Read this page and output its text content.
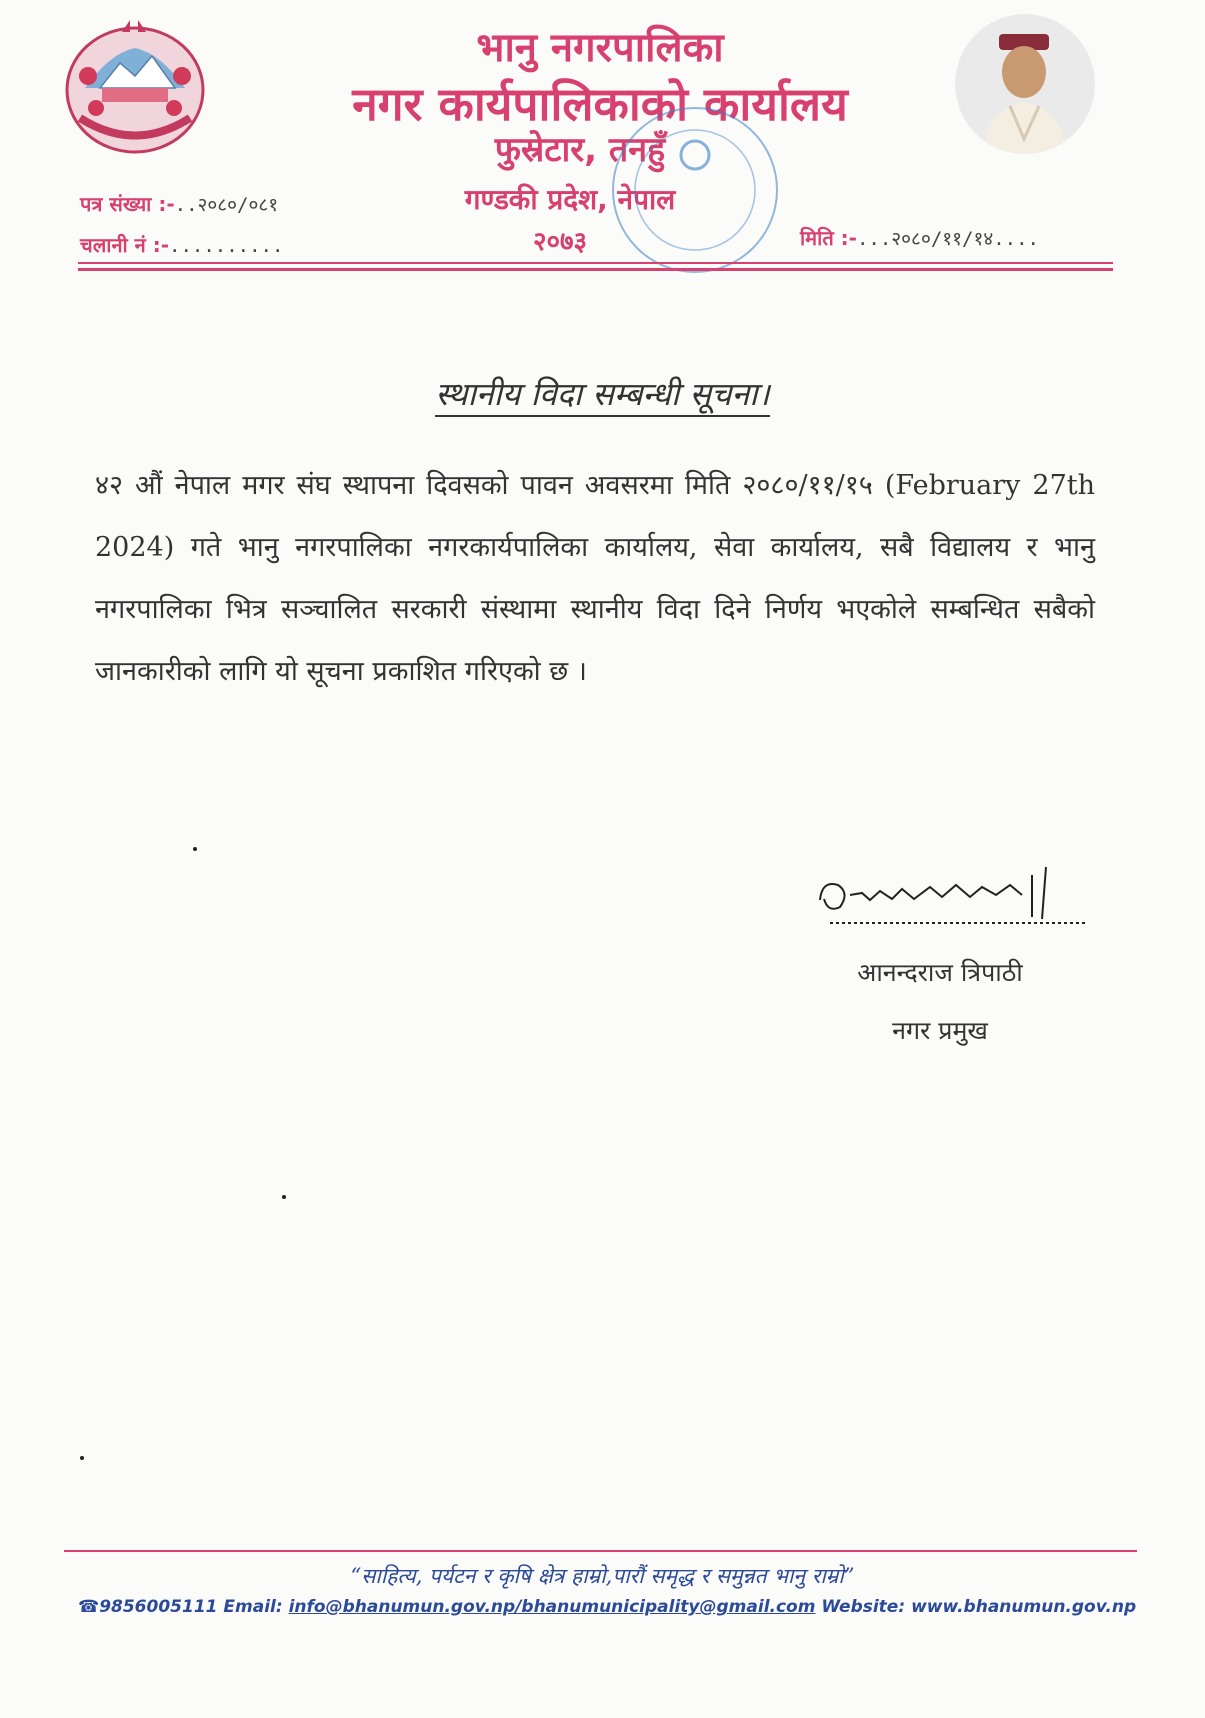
भानु नगरपालिका
नगर कार्यपालिकाको कार्यालय
फुस्रेटार, तनहुँ
गण्डकी प्रदेश, नेपाल
२०७३
पत्र संख्या :-..२०८०/०८१
चलानी नं :-..........	मिति :-...२०८०/११/१४....
स्थानीय विदा सम्बन्धी सूचना।
४२ औं नेपाल मगर संघ स्थापना दिवसको पावन अवसरमा मिति २०८०/११/१५ (February 27th 2024) गते भानु नगरपालिका नगरकार्यपालिका कार्यालय, सेवा कार्यालय, सबै विद्यालय र भानु नगरपालिका भित्र सञ्चालित सरकारी संस्थामा स्थानीय विदा दिने निर्णय भएकोले सम्बन्धित सबैको जानकारीको लागि यो सूचना प्रकाशित गरिएको छ ।
आनन्दराज त्रिपाठी
नगर प्रमुख
“साहित्य, पर्यटन र कृषि क्षेत्र हाम्रो,पारौं समृद्ध र समुन्नत भानु राम्रो”
☎9856005111 Email: info@bhanumun.gov.np/bhanumunicipality@gmail.com Website: www.bhanumun.gov.np
